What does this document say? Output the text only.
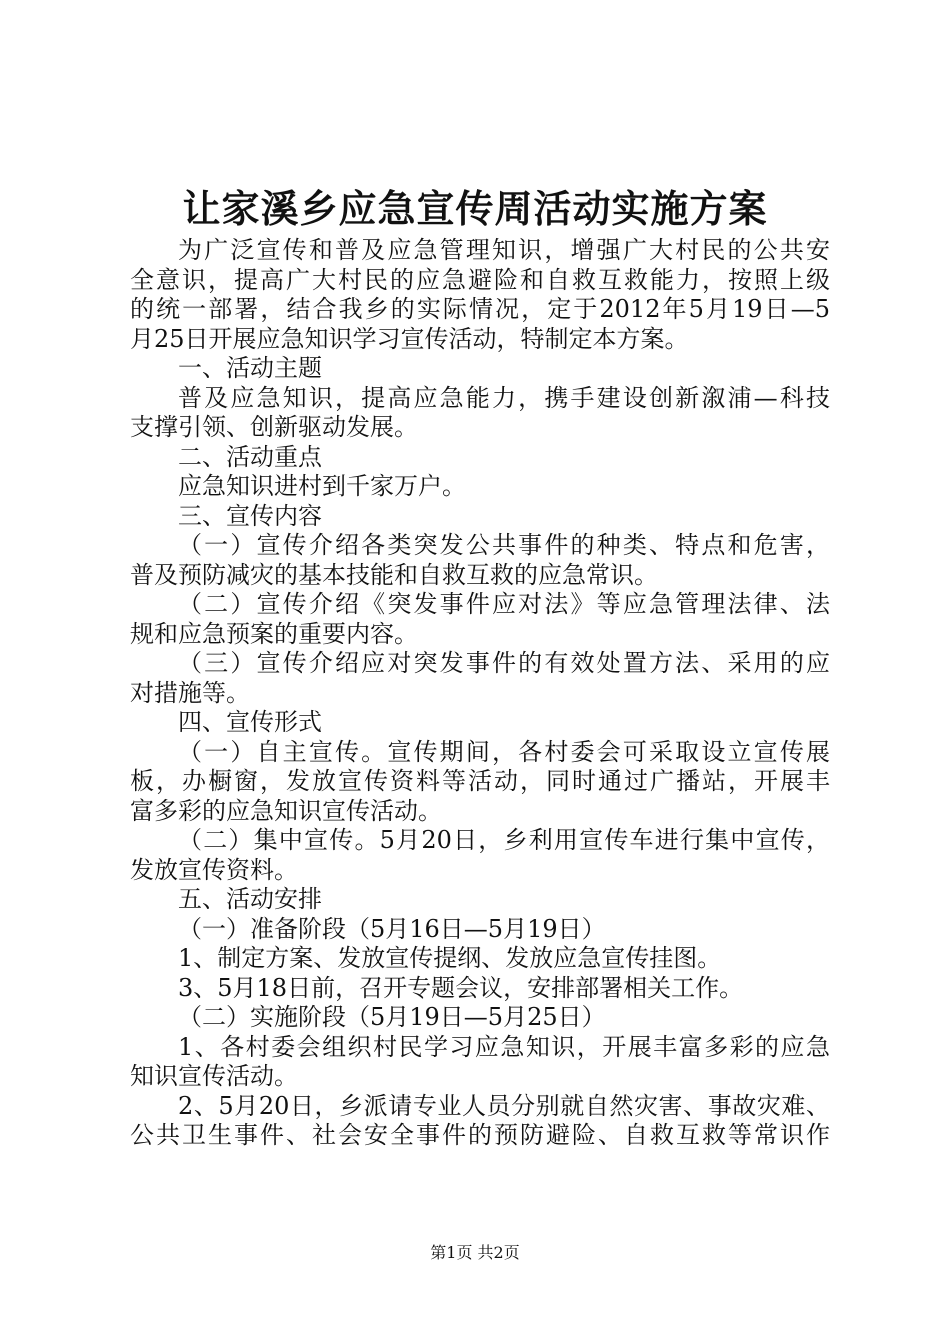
让家溪乡应急宣传周活动实施方案

为广泛宣传和普及应急管理知识，增强广大村民的公共安
全意识，提高广大村民的应急避险和自救互救能力，按照上级
的统一部署，结合我乡的实际情况，定于2012年5月19日—5
月25日开展应急知识学习宣传活动，特制定本方案。

一、活动主题

普及应急知识，提高应急能力，携手建设创新溆浦—科技
支撑引领、创新驱动发展。

二、活动重点

应急知识进村到千家万户。

三、宣传内容

（一）宣传介绍各类突发公共事件的种类、特点和危害，
普及预防减灾的基本技能和自救互救的应急常识。

（二）宣传介绍《突发事件应对法》等应急管理法律、法
规和应急预案的重要内容。

（三）宣传介绍应对突发事件的有效处置方法、采用的应
对措施等。

四、宣传形式

（一）自主宣传。宣传期间，各村委会可采取设立宣传展
板，办橱窗，发放宣传资料等活动，同时通过广播站，开展丰
富多彩的应急知识宣传活动。

（二）集中宣传。5月20日，乡利用宣传车进行集中宣传，
发放宣传资料。

五、活动安排

（一）准备阶段（5月16日—5月19日）

1、制定方案、发放宣传提纲、发放应急宣传挂图。

3、5月18日前，召开专题会议，安排部署相关工作。

（二）实施阶段（5月19日—5月25日）

1、各村委会组织村民学习应急知识，开展丰富多彩的应急
知识宣传活动。

2、5月20日，乡派请专业人员分别就自然灾害、事故灾难、
公共卫生事件、社会安全事件的预防避险、自救互救等常识作

第1页 共2页
